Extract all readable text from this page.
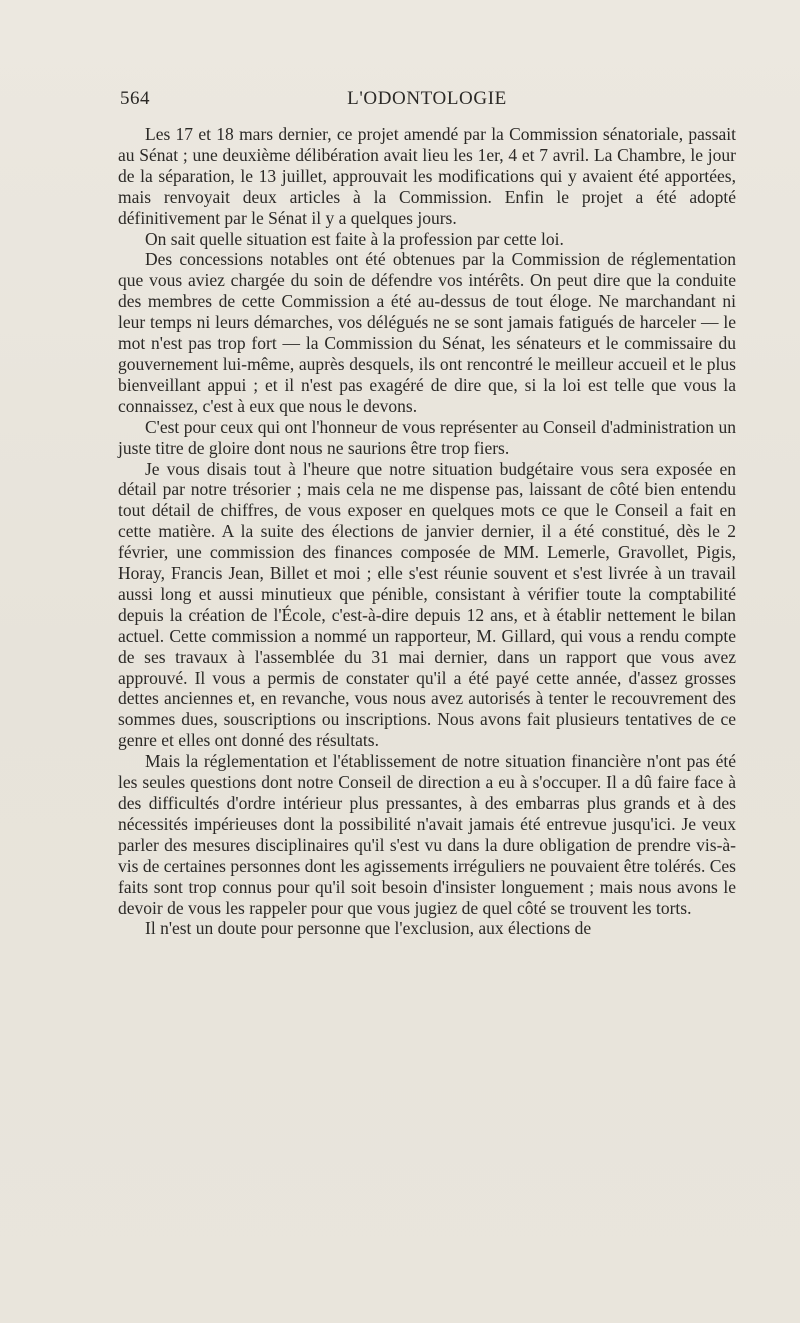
564	L'ODONTOLOGIE

Les 17 et 18 mars dernier, ce projet amendé par la Commission sénatoriale, passait au Sénat ; une deuxième délibération avait lieu les 1er, 4 et 7 avril. La Chambre, le jour de la séparation, le 13 juillet, approuvait les modifications qui y avaient été apportées, mais renvoyait deux articles à la Commission. Enfin le projet a été adopté définitivement par le Sénat il y a quelques jours.

On sait quelle situation est faite à la profession par cette loi.

Des concessions notables ont été obtenues par la Commission de réglementation que vous aviez chargée du soin de défendre vos intérêts. On peut dire que la conduite des membres de cette Commission a été au-dessus de tout éloge. Ne marchandant ni leur temps ni leurs démarches, vos délégués ne se sont jamais fatigués de harceler — le mot n'est pas trop fort — la Commission du Sénat, les sénateurs et le commissaire du gouvernement lui-même, auprès desquels, ils ont rencontré le meilleur accueil et le plus bienveillant appui ; et il n'est pas exagéré de dire que, si la loi est telle que vous la connaissez, c'est à eux que nous le devons.

C'est pour ceux qui ont l'honneur de vous représenter au Conseil d'administration un juste titre de gloire dont nous ne saurions être trop fiers.

Je vous disais tout à l'heure que notre situation budgétaire vous sera exposée en détail par notre trésorier ; mais cela ne me dispense pas, laissant de côté bien entendu tout détail de chiffres, de vous exposer en quelques mots ce que le Conseil a fait en cette matière. A la suite des élections de janvier dernier, il a été constitué, dès le 2 février, une commission des finances composée de MM. Lemerle, Gravollet, Pigis, Horay, Francis Jean, Billet et moi ; elle s'est réunie souvent et s'est livrée à un travail aussi long et aussi minutieux que pénible, consistant à vérifier toute la comptabilité depuis la création de l'École, c'est-à-dire depuis 12 ans, et à établir nettement le bilan actuel. Cette commission a nommé un rapporteur, M. Gillard, qui vous a rendu compte de ses travaux à l'assemblée du 31 mai dernier, dans un rapport que vous avez approuvé. Il vous a permis de constater qu'il a été payé cette année, d'assez grosses dettes anciennes et, en revanche, vous nous avez autorisés à tenter le recouvrement des sommes dues, souscriptions ou inscriptions. Nous avons fait plusieurs tentatives de ce genre et elles ont donné des résultats.

Mais la réglementation et l'établissement de notre situation financière n'ont pas été les seules questions dont notre Conseil de direction a eu à s'occuper. Il a dû faire face à des difficultés d'ordre intérieur plus pressantes, à des embarras plus grands et à des nécessités impérieuses dont la possibilité n'avait jamais été entrevue jusqu'ici. Je veux parler des mesures disciplinaires qu'il s'est vu dans la dure obligation de prendre vis-à-vis de certaines personnes dont les agissements irréguliers ne pouvaient être tolérés. Ces faits sont trop connus pour qu'il soit besoin d'insister longuement ; mais nous avons le devoir de vous les rappeler pour que vous jugiez de quel côté se trouvent les torts.

Il n'est un doute pour personne que l'exclusion, aux élections de
